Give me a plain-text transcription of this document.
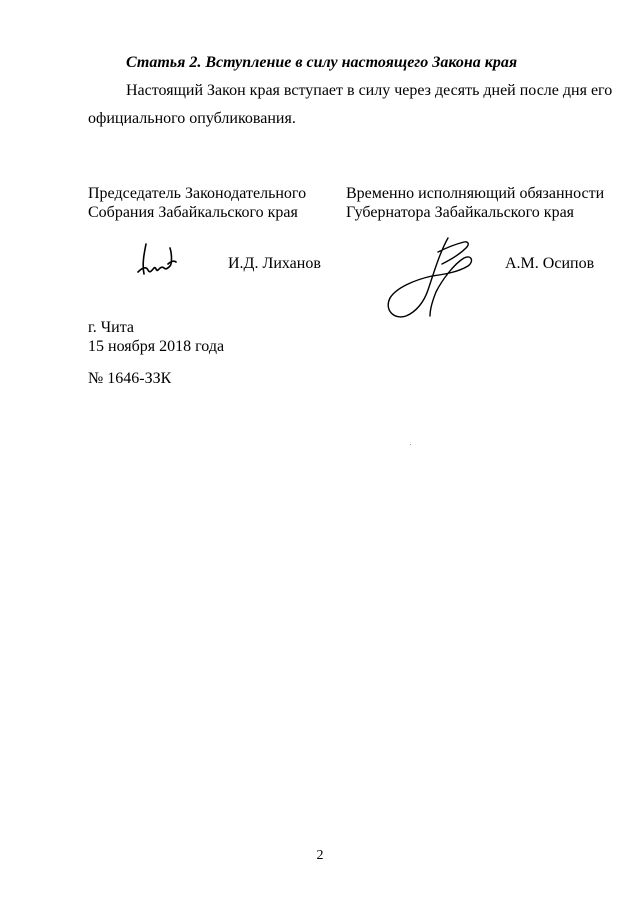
Статья 2. Вступление в силу настоящего Закона края
Настоящий Закон края вступает в силу через десять дней после дня его
официального опубликования.
Председатель Законодательного
Собрания Забайкальского края
Временно исполняющий обязанности
Губернатора Забайкальского края
И.Д. Лиханов	А.М. Осипов
г. Чита
15 ноября 2018 года
№ 1646-ЗЗК
2
